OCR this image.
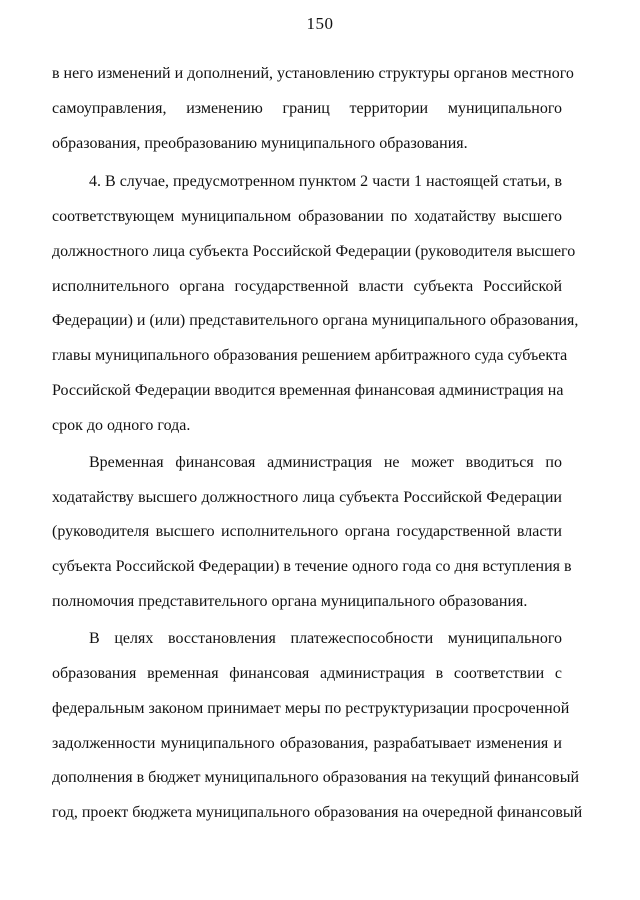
150
в него изменений и дополнений, установлению структуры органов местного
самоуправления, изменению границ территории муниципального
образования, преобразованию муниципального образования.
4. В случае, предусмотренном пунктом 2 части 1 настоящей статьи, в
соответствующем муниципальном образовании по ходатайству высшего
должностного лица субъекта Российской Федерации (руководителя высшего
исполнительного органа государственной власти субъекта Российской
Федерации) и (или) представительного органа муниципального образования,
главы муниципального образования решением арбитражного суда субъекта
Российской Федерации вводится временная финансовая администрация на
срок до одного года.
Временная финансовая администрация не может вводиться по
ходатайству высшего должностного лица субъекта Российской Федерации
(руководителя высшего исполнительного органа государственной власти
субъекта Российской Федерации) в течение одного года со дня вступления в
полномочия представительного органа муниципального образования.
В целях восстановления платежеспособности муниципального
образования временная финансовая администрация в соответствии с
федеральным законом принимает меры по реструктуризации просроченной
задолженности муниципального образования, разрабатывает изменения и
дополнения в бюджет муниципального образования на текущий финансовый
год, проект бюджета муниципального образования на очередной финансовый
